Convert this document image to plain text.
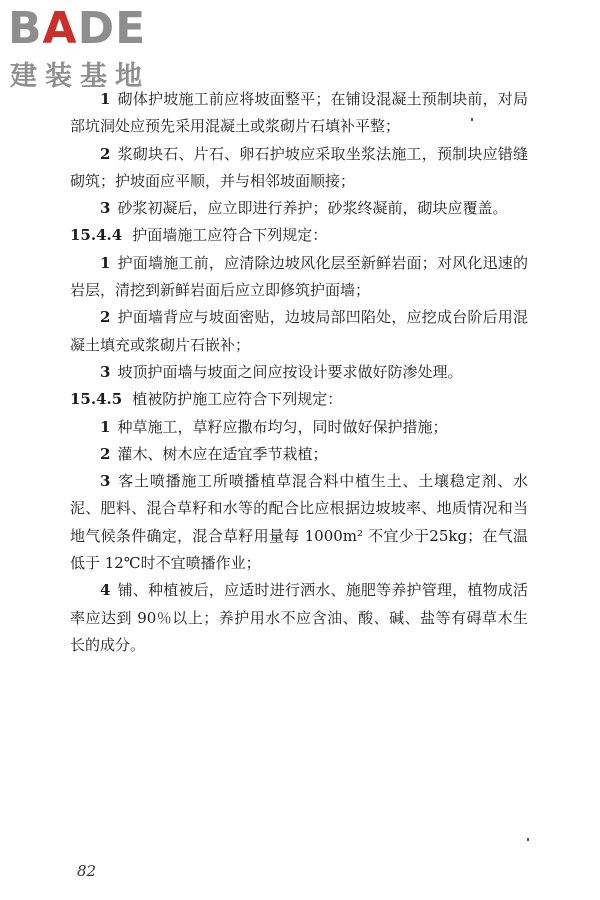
BADE
建装基地

1 砌体护坡施工前应将坡面整平；在铺设混凝土预制块前，对局部坑洞处应预先采用混凝土或浆砌片石填补平整；

2 浆砌块石、片石、卵石护坡应采取坐浆法施工，预制块应错缝砌筑；护坡面应平顺，并与相邻坡面顺接；

3 砂浆初凝后，应立即进行养护；砂浆终凝前，砌块应覆盖。

15.4.4 护面墙施工应符合下列规定：

1 护面墙施工前，应清除边坡风化层至新鲜岩面；对风化迅速的岩层，清挖到新鲜岩面后应立即修筑护面墙；

2 护面墙背应与坡面密贴，边坡局部凹陷处，应挖成台阶后用混凝土填充或浆砌片石嵌补；

3 坡顶护面墙与坡面之间应按设计要求做好防渗处理。

15.4.5 植被防护施工应符合下列规定：

1 种草施工，草籽应撒布均匀，同时做好保护措施；

2 灌木、树木应在适宜季节栽植；

3 客土喷播施工所喷播植草混合料中植生土、土壤稳定剂、水泥、肥料、混合草籽和水等的配合比应根据边坡坡率、地质情况和当地气候条件确定，混合草籽用量每 1000m² 不宜少于25kg；在气温低于 12℃时不宜喷播作业；

4 铺、种植被后，应适时进行洒水、施肥等养护管理，植物成活率应达到 90％以上；养护用水不应含油、酸、碱、盐等有碍草木生长的成分。

82
